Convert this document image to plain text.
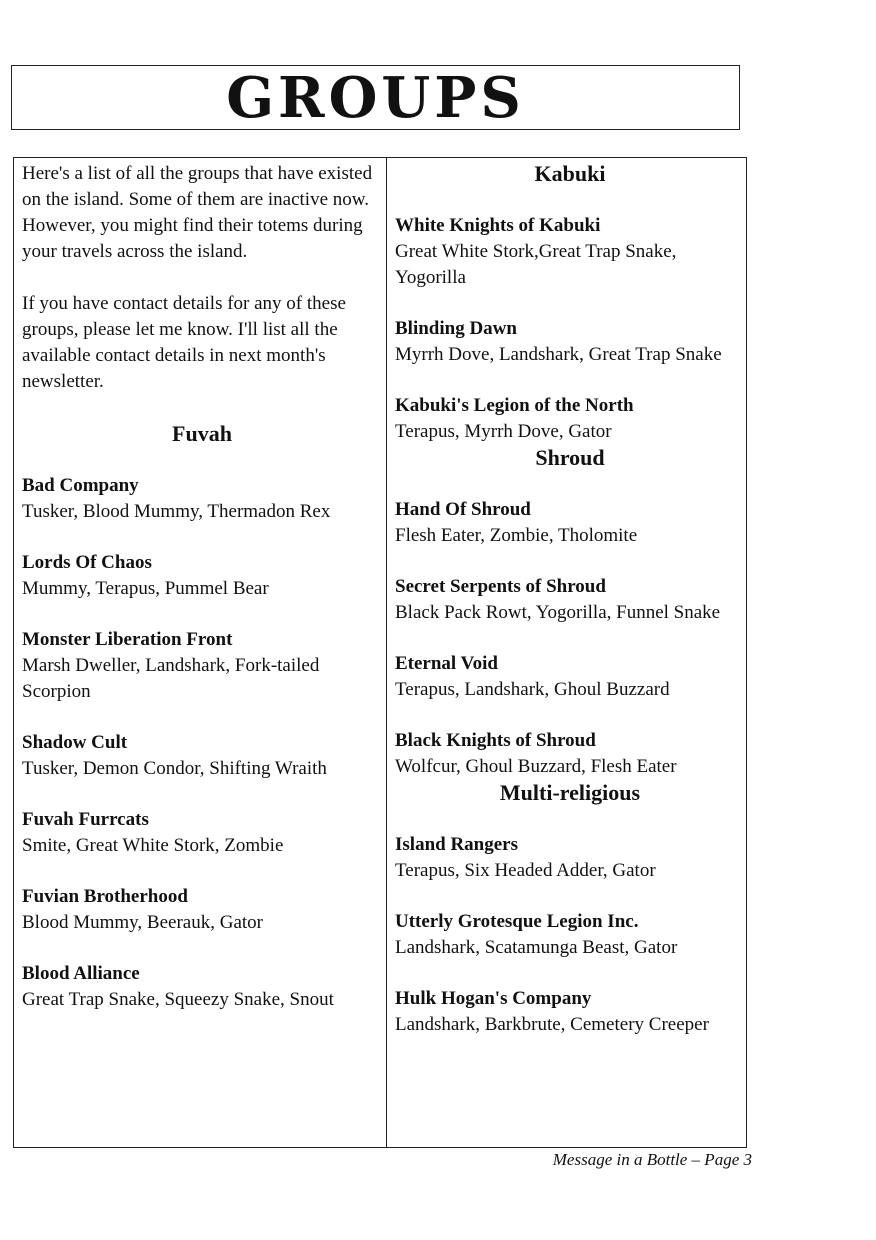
GROUPS

Here's a list of all the groups that have existed on the island. Some of them are inactive now. However, you might find their totems during your travels across the island.

If you have contact details for any of these groups, please let me know. I'll list all the available contact details in next month's newsletter.

Fuvah
Bad Company
Tusker, Blood Mummy, Thermadon Rex
Lords Of Chaos
Mummy, Terapus, Pummel Bear
Monster Liberation Front
Marsh Dweller, Landshark, Fork-tailed Scorpion
Shadow Cult
Tusker, Demon Condor, Shifting Wraith
Fuvah Furrcats
Smite, Great White Stork, Zombie
Fuvian Brotherhood
Blood Mummy, Beerauk, Gator
Blood Alliance
Great Trap Snake, Squeezy Snake, Snout
Kabuki
White Knights of Kabuki
Great White Stork,Great Trap Snake, Yogorilla
Blinding Dawn
Myrrh Dove, Landshark, Great Trap Snake
Kabuki's Legion of the North
Terapus, Myrrh Dove, Gator
Shroud
Hand Of Shroud
Flesh Eater, Zombie, Tholomite
Secret Serpents of Shroud
Black Pack Rowt, Yogorilla, Funnel Snake
Eternal Void
Terapus, Landshark, Ghoul Buzzard
Black Knights of Shroud
Wolfcur, Ghoul Buzzard, Flesh Eater
Multi-religious
Island Rangers
Terapus, Six Headed Adder, Gator
Utterly Grotesque Legion Inc.
Landshark, Scatamunga Beast, Gator
Hulk Hogan's Company
Landshark, Barkbrute, Cemetery Creeper
Message in a Bottle – Page 3
